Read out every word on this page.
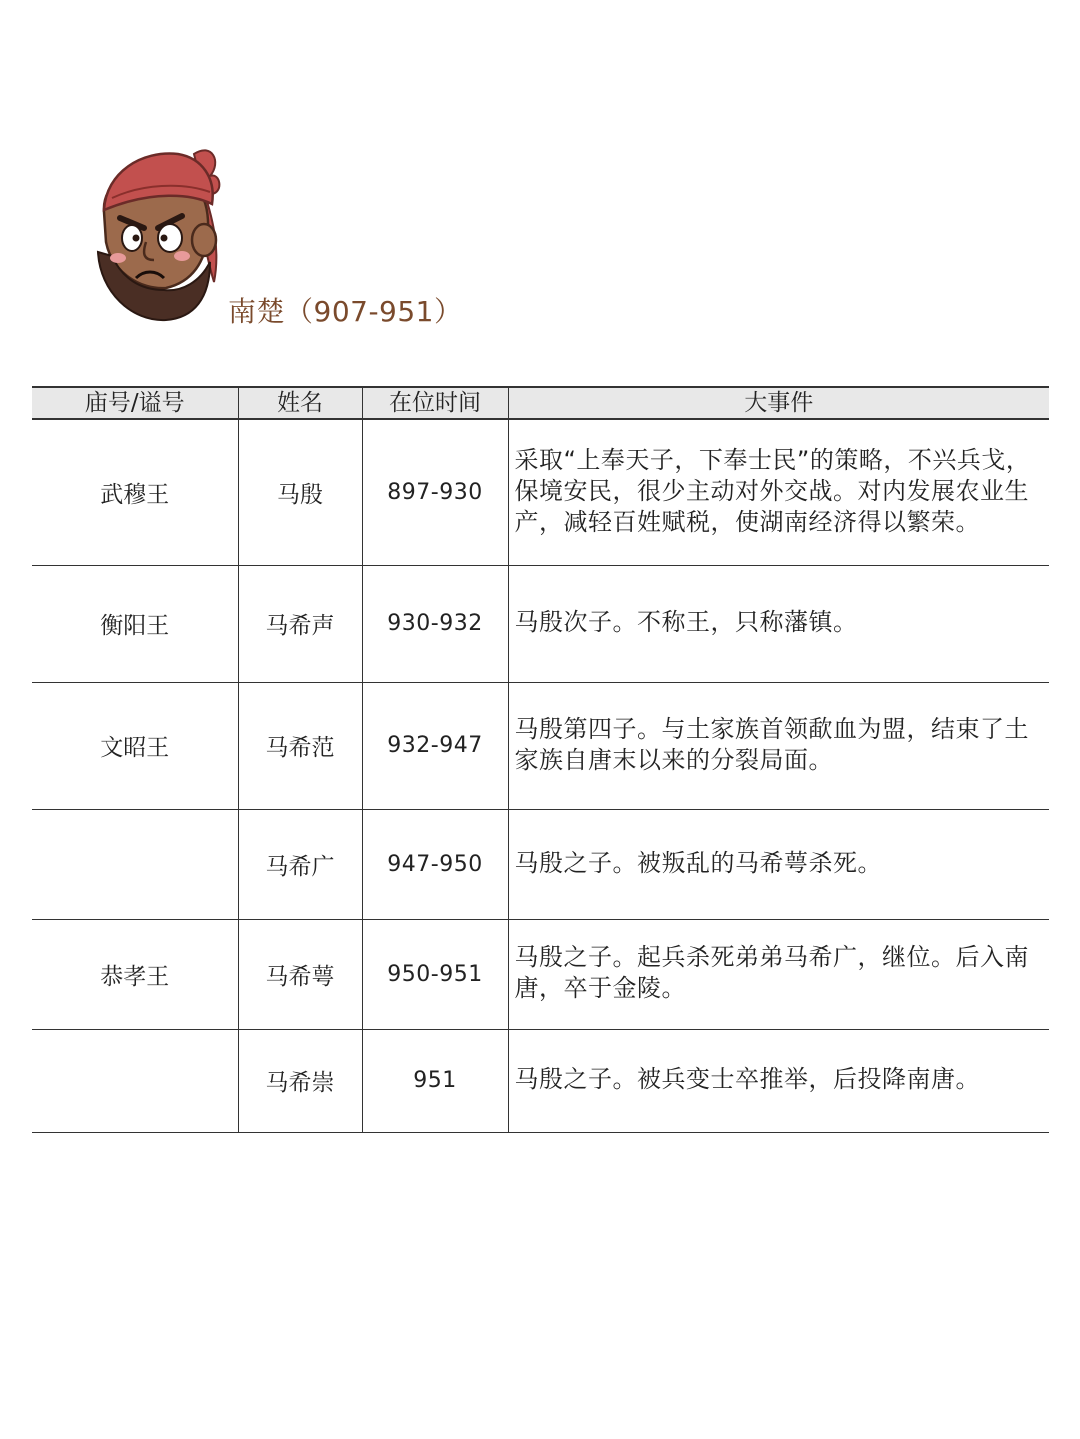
南楚（907-951）
庙号/谥号	姓名	在位时间	大事件
武穆王	马殷	897-930	采取“上奉天子，下奉士民”的策略，不兴兵戈，保境安民，很少主动对外交战。对内发展农业生产，减轻百姓赋税，使湖南经济得以繁荣。
衡阳王	马希声	930-932	马殷次子。不称王，只称藩镇。
文昭王	马希范	932-947	马殷第四子。与土家族首领歃血为盟，结束了土家族自唐末以来的分裂局面。
	马希广	947-950	马殷之子。被叛乱的马希萼杀死。
恭孝王	马希萼	950-951	马殷之子。起兵杀死弟弟马希广，继位。后入南唐，卒于金陵。
	马希崇	951	马殷之子。被兵变士卒推举，后投降南唐。
